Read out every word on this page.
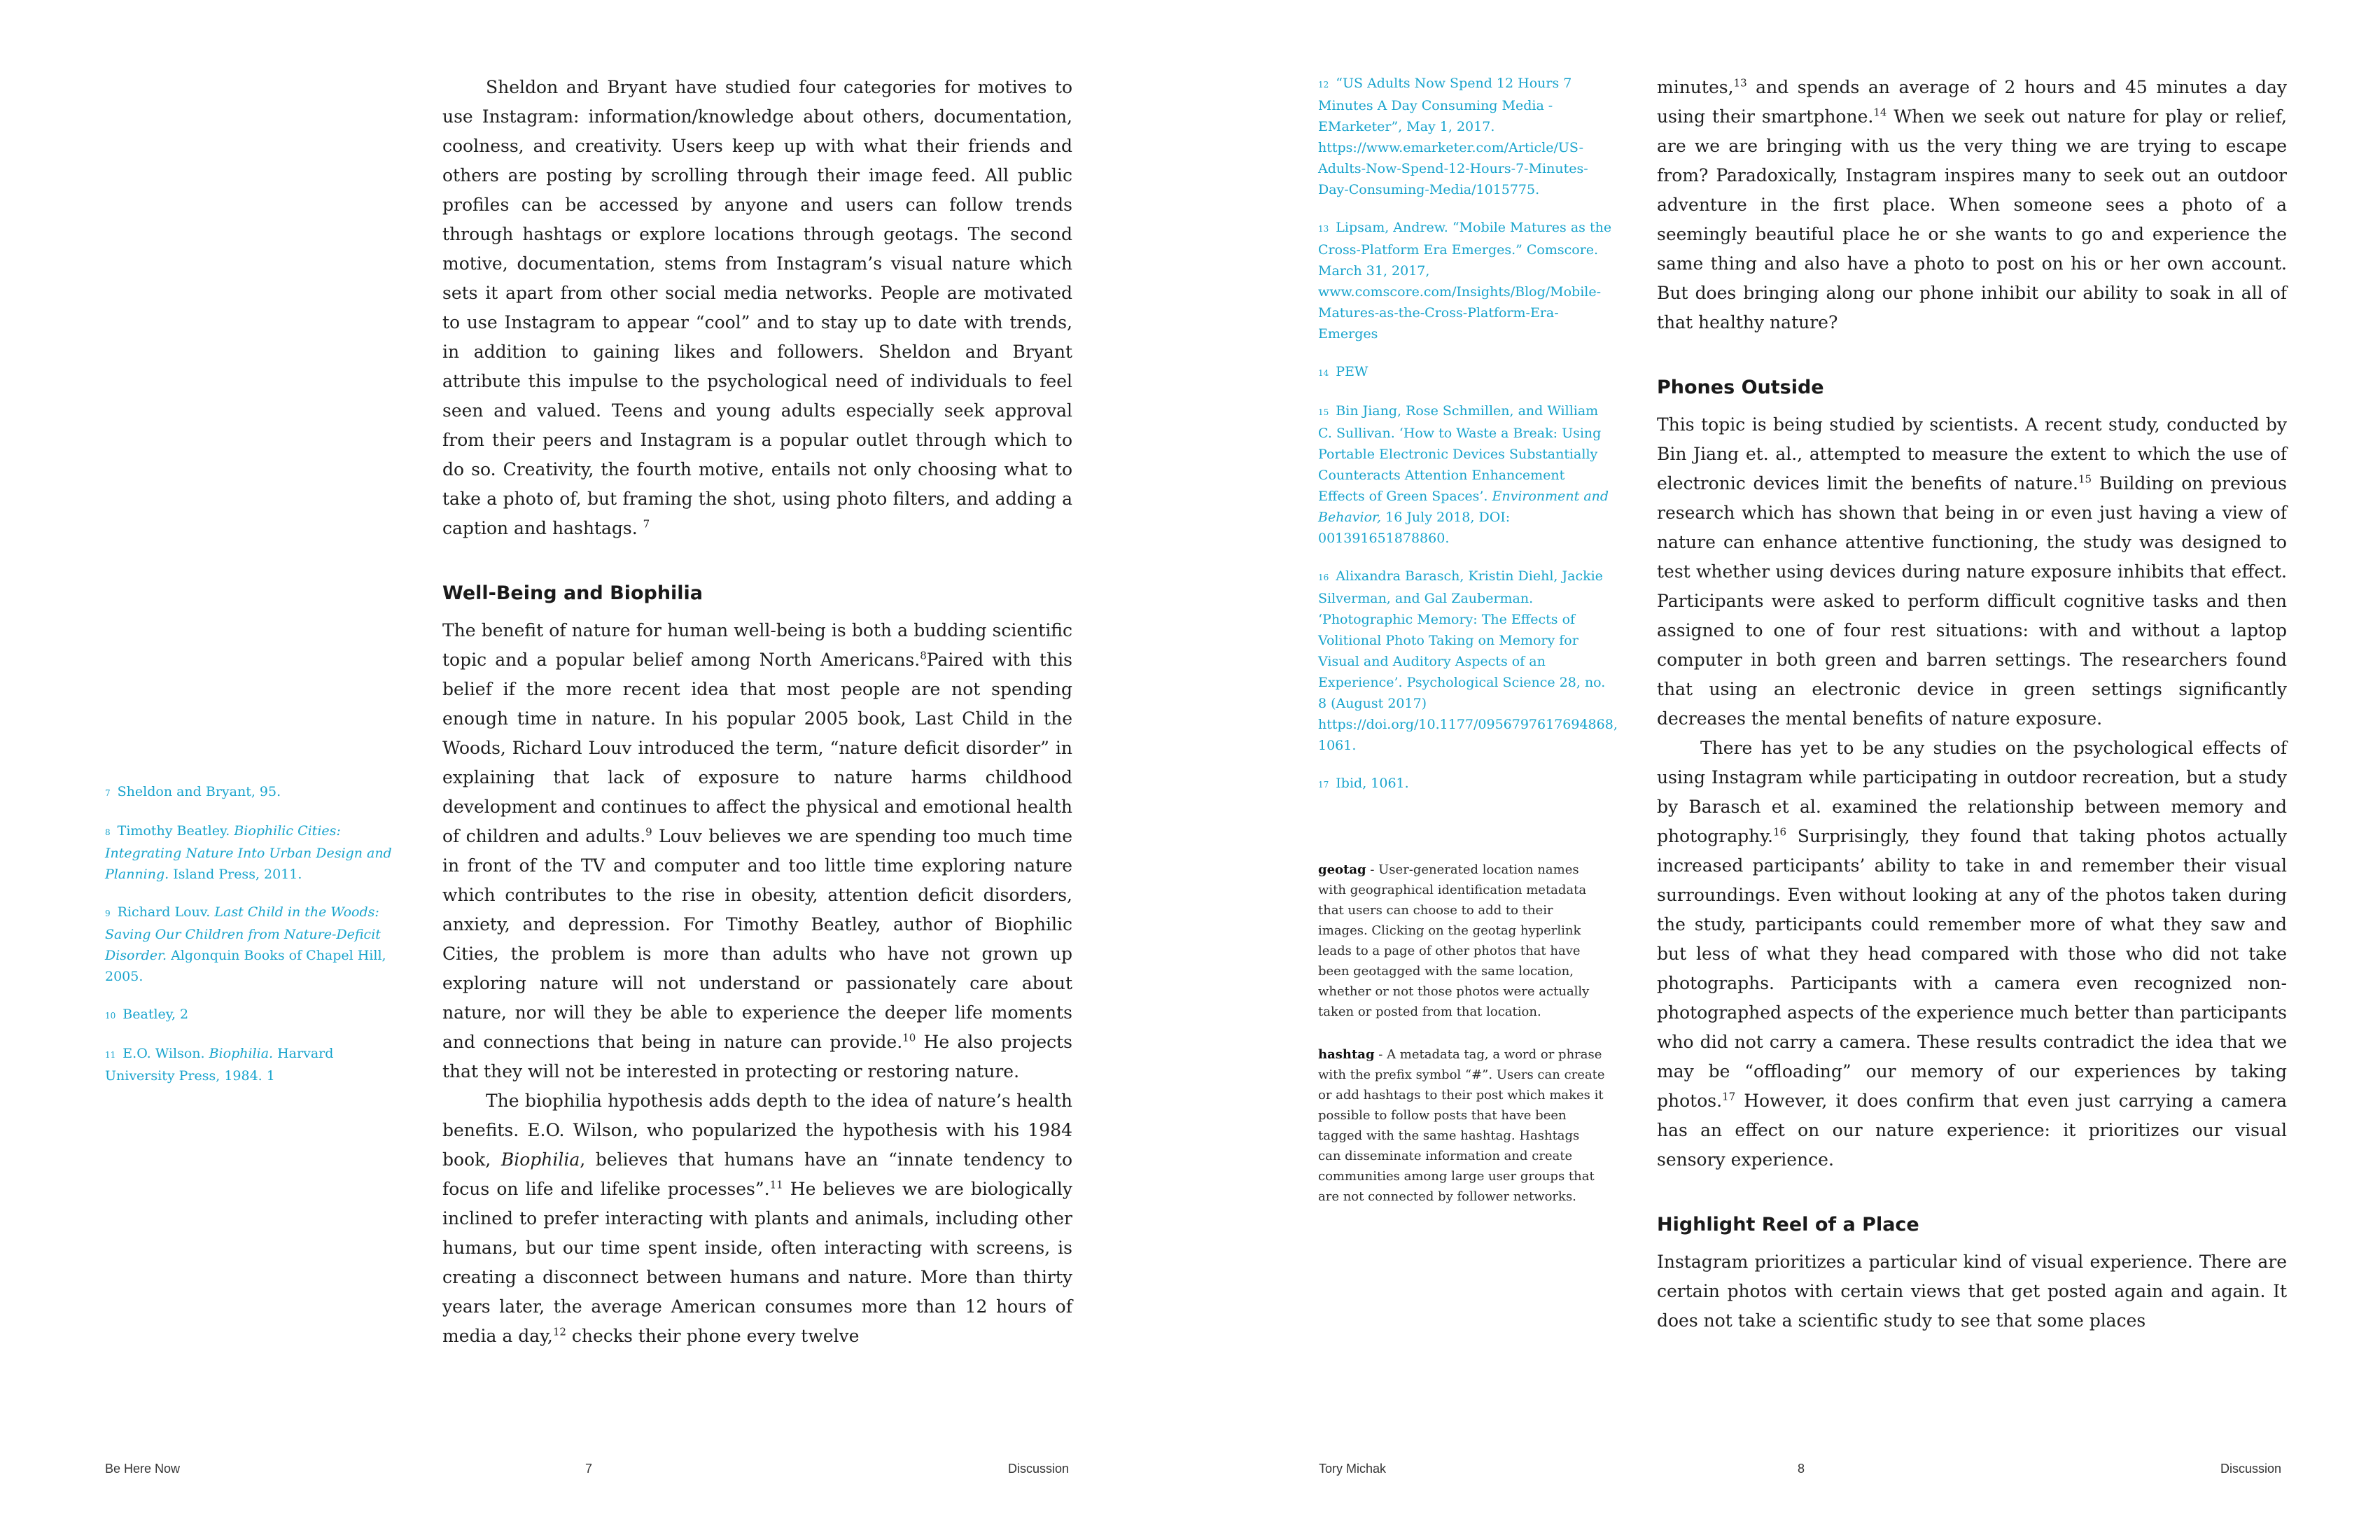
7 Sheldon and Bryant, 95.
8 Timothy Beatley. Biophilic Cities: Integrating Nature Into Urban Design and Planning. Island Press, 2011.
9 Richard Louv. Last Child in the Woods: Saving Our Children from Nature-Deficit Disorder. Algonquin Books of Chapel Hill, 2005.
10 Beatley, 2
11 E.O. Wilson. Biophilia. Harvard University Press, 1984. 1

Sheldon and Bryant have studied four categories for motives to use Instagram: information/knowledge about others, documentation, coolness, and creativity. Users keep up with what their friends and others are posting by scrolling through their image feed. All public profiles can be accessed by anyone and users can follow trends through hashtags or explore locations through geotags. The second motive, documentation, stems from Instagram’s visual nature which sets it apart from other social media networks. People are motivated to use Instagram to appear “cool” and to stay up to date with trends, in addition to gaining likes and followers. Sheldon and Bryant attribute this impulse to the psychological need of individuals to feel seen and valued. Teens and young adults especially seek approval from their peers and Instagram is a popular outlet through which to do so. Creativity, the fourth motive, entails not only choosing what to take a photo of, but framing the shot, using photo filters, and adding a caption and hashtags. $^7$

Well-Being and Biophilia

The benefit of nature for human well-being is both a budding scientific topic and a popular belief among North Americans.$^8$Paired with this belief if the more recent idea that most people are not spending enough time in nature. In his popular 2005 book, Last Child in the Woods, Richard Louv introduced the term, “nature deficit disorder” in explaining that lack of exposure to nature harms childhood development and continues to affect the physical and emotional health of children and adults.$^9$ Louv believes we are spending too much time in front of the TV and computer and too little time exploring nature which contributes to the rise in obesity, attention deficit disorders, anxiety, and depression. For Timothy Beatley, author of Biophilic Cities, the problem is more than adults who have not grown up exploring nature will not understand or passionately care about nature, nor will they be able to experience the deeper life moments and connections that being in nature can provide.$^{10}$ He also projects that they will not be interested in protecting or restoring nature.

The biophilia hypothesis adds depth to the idea of nature’s health benefits. E.O. Wilson, who popularized the hypothesis with his 1984 book, Biophilia, believes that humans have an “innate tendency to focus on life and lifelike processes”.$^{11}$ He believes we are biologically inclined to prefer interacting with plants and animals, including other humans, but our time spent inside, often interacting with screens, is creating a disconnect between humans and nature. More than thirty years later, the average American consumes more than 12 hours of media a day,$^{12}$ checks their phone every twelve

Be Here Now	7	Discussion
12 “US Adults Now Spend 12 Hours 7 Minutes A Day Consuming Media - EMarketer”, May 1, 2017. https://www.emarketer.com/Article/US-Adults-Now-Spend-12-Hours-7-Minutes-Day-Consuming-Media/1015775.
13 Lipsam, Andrew. “Mobile Matures as the Cross-Platform Era Emerges.” Comscore. March 31, 2017, www.comscore.com/Insights/Blog/Mobile-Matures-as-the-Cross-Platform-Era-Emerges
14 PEW
15 Bin Jiang, Rose Schmillen, and William C. Sullivan. ‘How to Waste a Break: Using Portable Electronic Devices Substantially Counteracts Attention Enhancement Effects of Green Spaces’. Environment and Behavior, 16 July 2018, DOI: 001391651878860.
16 Alixandra Barasch, Kristin Diehl, Jackie Silverman, and Gal Zauberman. ‘Photographic Memory: The Effects of Volitional Photo Taking on Memory for Visual and Auditory Aspects of an Experience’. Psychological Science 28, no. 8 (August 2017) https://doi.org/10.1177/0956797617694868, 1061.
17 Ibid, 1061.
geotag - User-generated location names with geographical identification metadata that users can choose to add to their images. Clicking on the geotag hyperlink leads to a page of other photos that have been geotagged with the same location, whether or not those photos were actually taken or posted from that location.
hashtag - A metadata tag, a word or phrase with the prefix symbol “#”. Users can create or add hashtags to their post which makes it possible to follow posts that have been tagged with the same hashtag. Hashtags can disseminate information and create communities among large user groups that are not connected by follower networks.

minutes,$^{13}$ and spends an average of 2 hours and 45 minutes a day using their smartphone.$^{14}$ When we seek out nature for play or relief, are we are bringing with us the very thing we are trying to escape from? Paradoxically, Instagram inspires many to seek out an outdoor adventure in the first place. When someone sees a photo of a seemingly beautiful place he or she wants to go and experience the same thing and also have a photo to post on his or her own account. But does bringing along our phone inhibit our ability to soak in all of that healthy nature?

Phones Outside

This topic is being studied by scientists. A recent study, conducted by Bin Jiang et. al., attempted to measure the extent to which the use of electronic devices limit the benefits of nature.$^{15}$ Building on previous research which has shown that being in or even just having a view of nature can enhance attentive functioning, the study was designed to test whether using devices during nature exposure inhibits that effect. Participants were asked to perform difficult cognitive tasks and then assigned to one of four rest situations: with and without a laptop computer in both green and barren settings. The researchers found that using an electronic device in green settings significantly decreases the mental benefits of nature exposure.

There has yet to be any studies on the psychological effects of using Instagram while participating in outdoor recreation, but a study by Barasch et al. examined the relationship between memory and photography.$^{16}$ Surprisingly, they found that taking photos actually increased participants’ ability to take in and remember their visual surroundings. Even without looking at any of the photos taken during the study, participants could remember more of what they saw and but less of what they head compared with those who did not take photographs. Participants with a camera even recognized non-photographed aspects of the experience much better than participants who did not carry a camera. These results contradict the idea that we may be “offloading” our memory of our experiences by taking photos.$^{17}$ However, it does confirm that even just carrying a camera has an effect on our nature experience: it prioritizes our visual sensory experience.

Highlight Reel of a Place

Instagram prioritizes a particular kind of visual experience. There are certain photos with certain views that get posted again and again. It does not take a scientific study to see that some places

Tory Michak	8	Discussion
